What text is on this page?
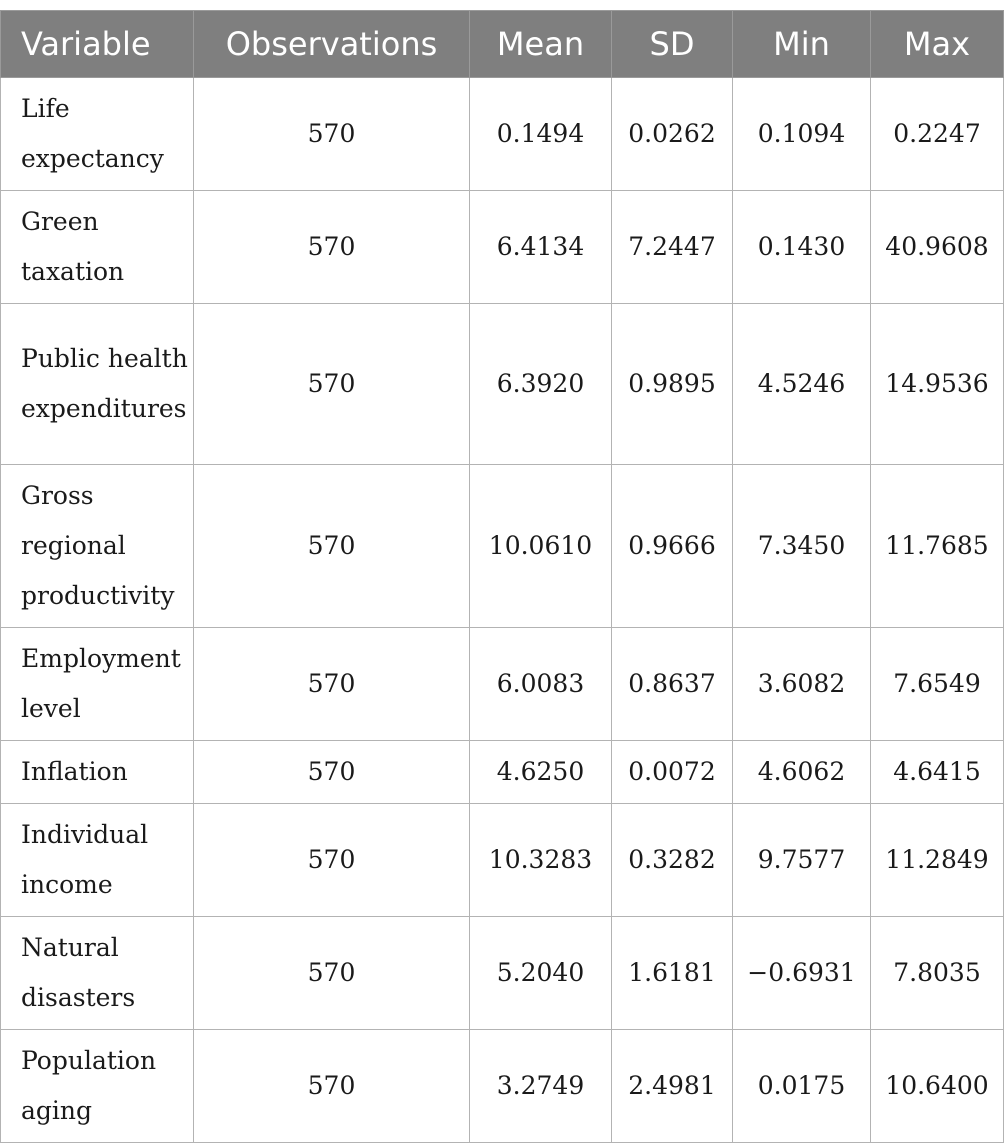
Variable	Observations	Mean	SD	Min	Max
Life expectancy	570	0.1494	0.0262	0.1094	0.2247
Green taxation	570	6.4134	7.2447	0.1430	40.9608
Public health expenditures	570	6.3920	0.9895	4.5246	14.9536
Gross regional productivity	570	10.0610	0.9666	7.3450	11.7685
Employment level	570	6.0083	0.8637	3.6082	7.6549
Inflation	570	4.6250	0.0072	4.6062	4.6415
Individual income	570	10.3283	0.3282	9.7577	11.2849
Natural disasters	570	5.2040	1.6181	−0.6931	7.8035
Population aging	570	3.2749	2.4981	0.0175	10.6400
